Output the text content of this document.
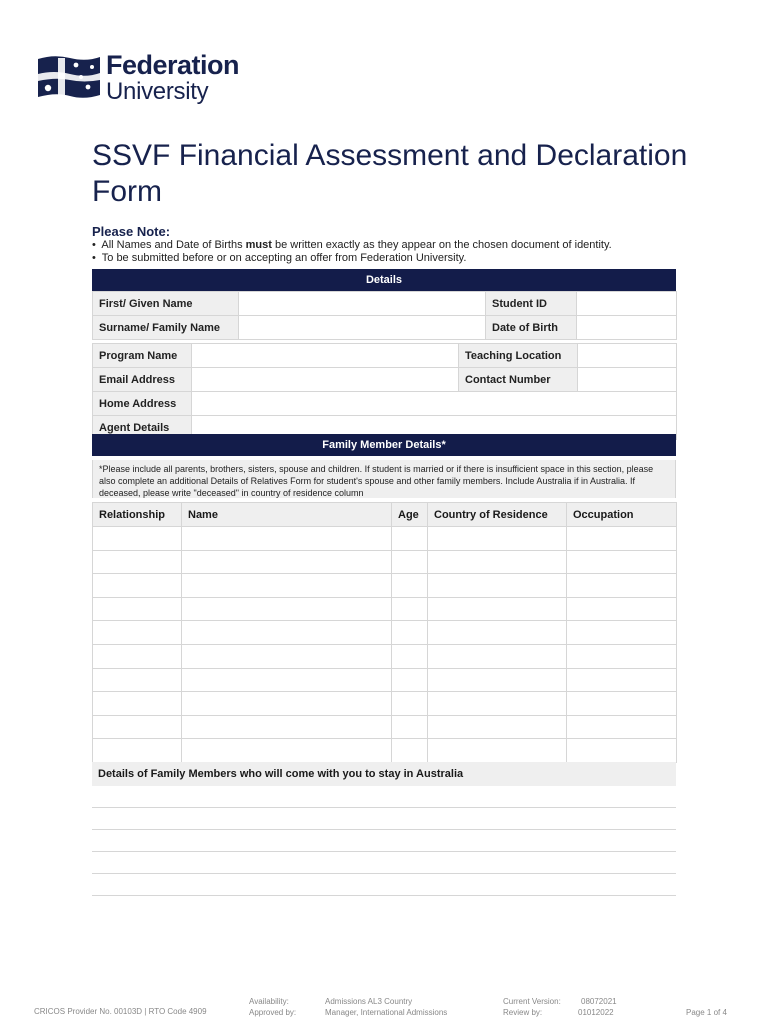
Federation
University
SSVF Financial Assessment and Declaration Form
Please Note:
•  All Names and Date of Births must be written exactly as they appear on the chosen document of identity.
•  To be submitted before or on accepting an offer from Federation University.
Details
First/ Given Name		Student ID	
Surname/ Family Name		Date of Birth	
Program Name		Teaching Location	
Email Address		Contact Number	
Home Address			
Agent Details			
Family Member Details*
*Please include all parents, brothers, sisters, spouse and children. If student is married or if there is insufficient space in this section, please also complete an additional Details of Relatives Form for student's spouse and other family members. Include Australia if in Australia. If deceased, please write "deceased" in country of residence column
Relationship	Name	Age	Country of Residence	Occupation

Details of Family Members who will come with you to stay in Australia
CRICOS Provider No. 00103D | RTO Code 4909
Availability:
Approved by:
Admissions AL3 Country
Manager, International Admissions
Current Version:
Review by:
08072021
01012022	Page 1 of 4
